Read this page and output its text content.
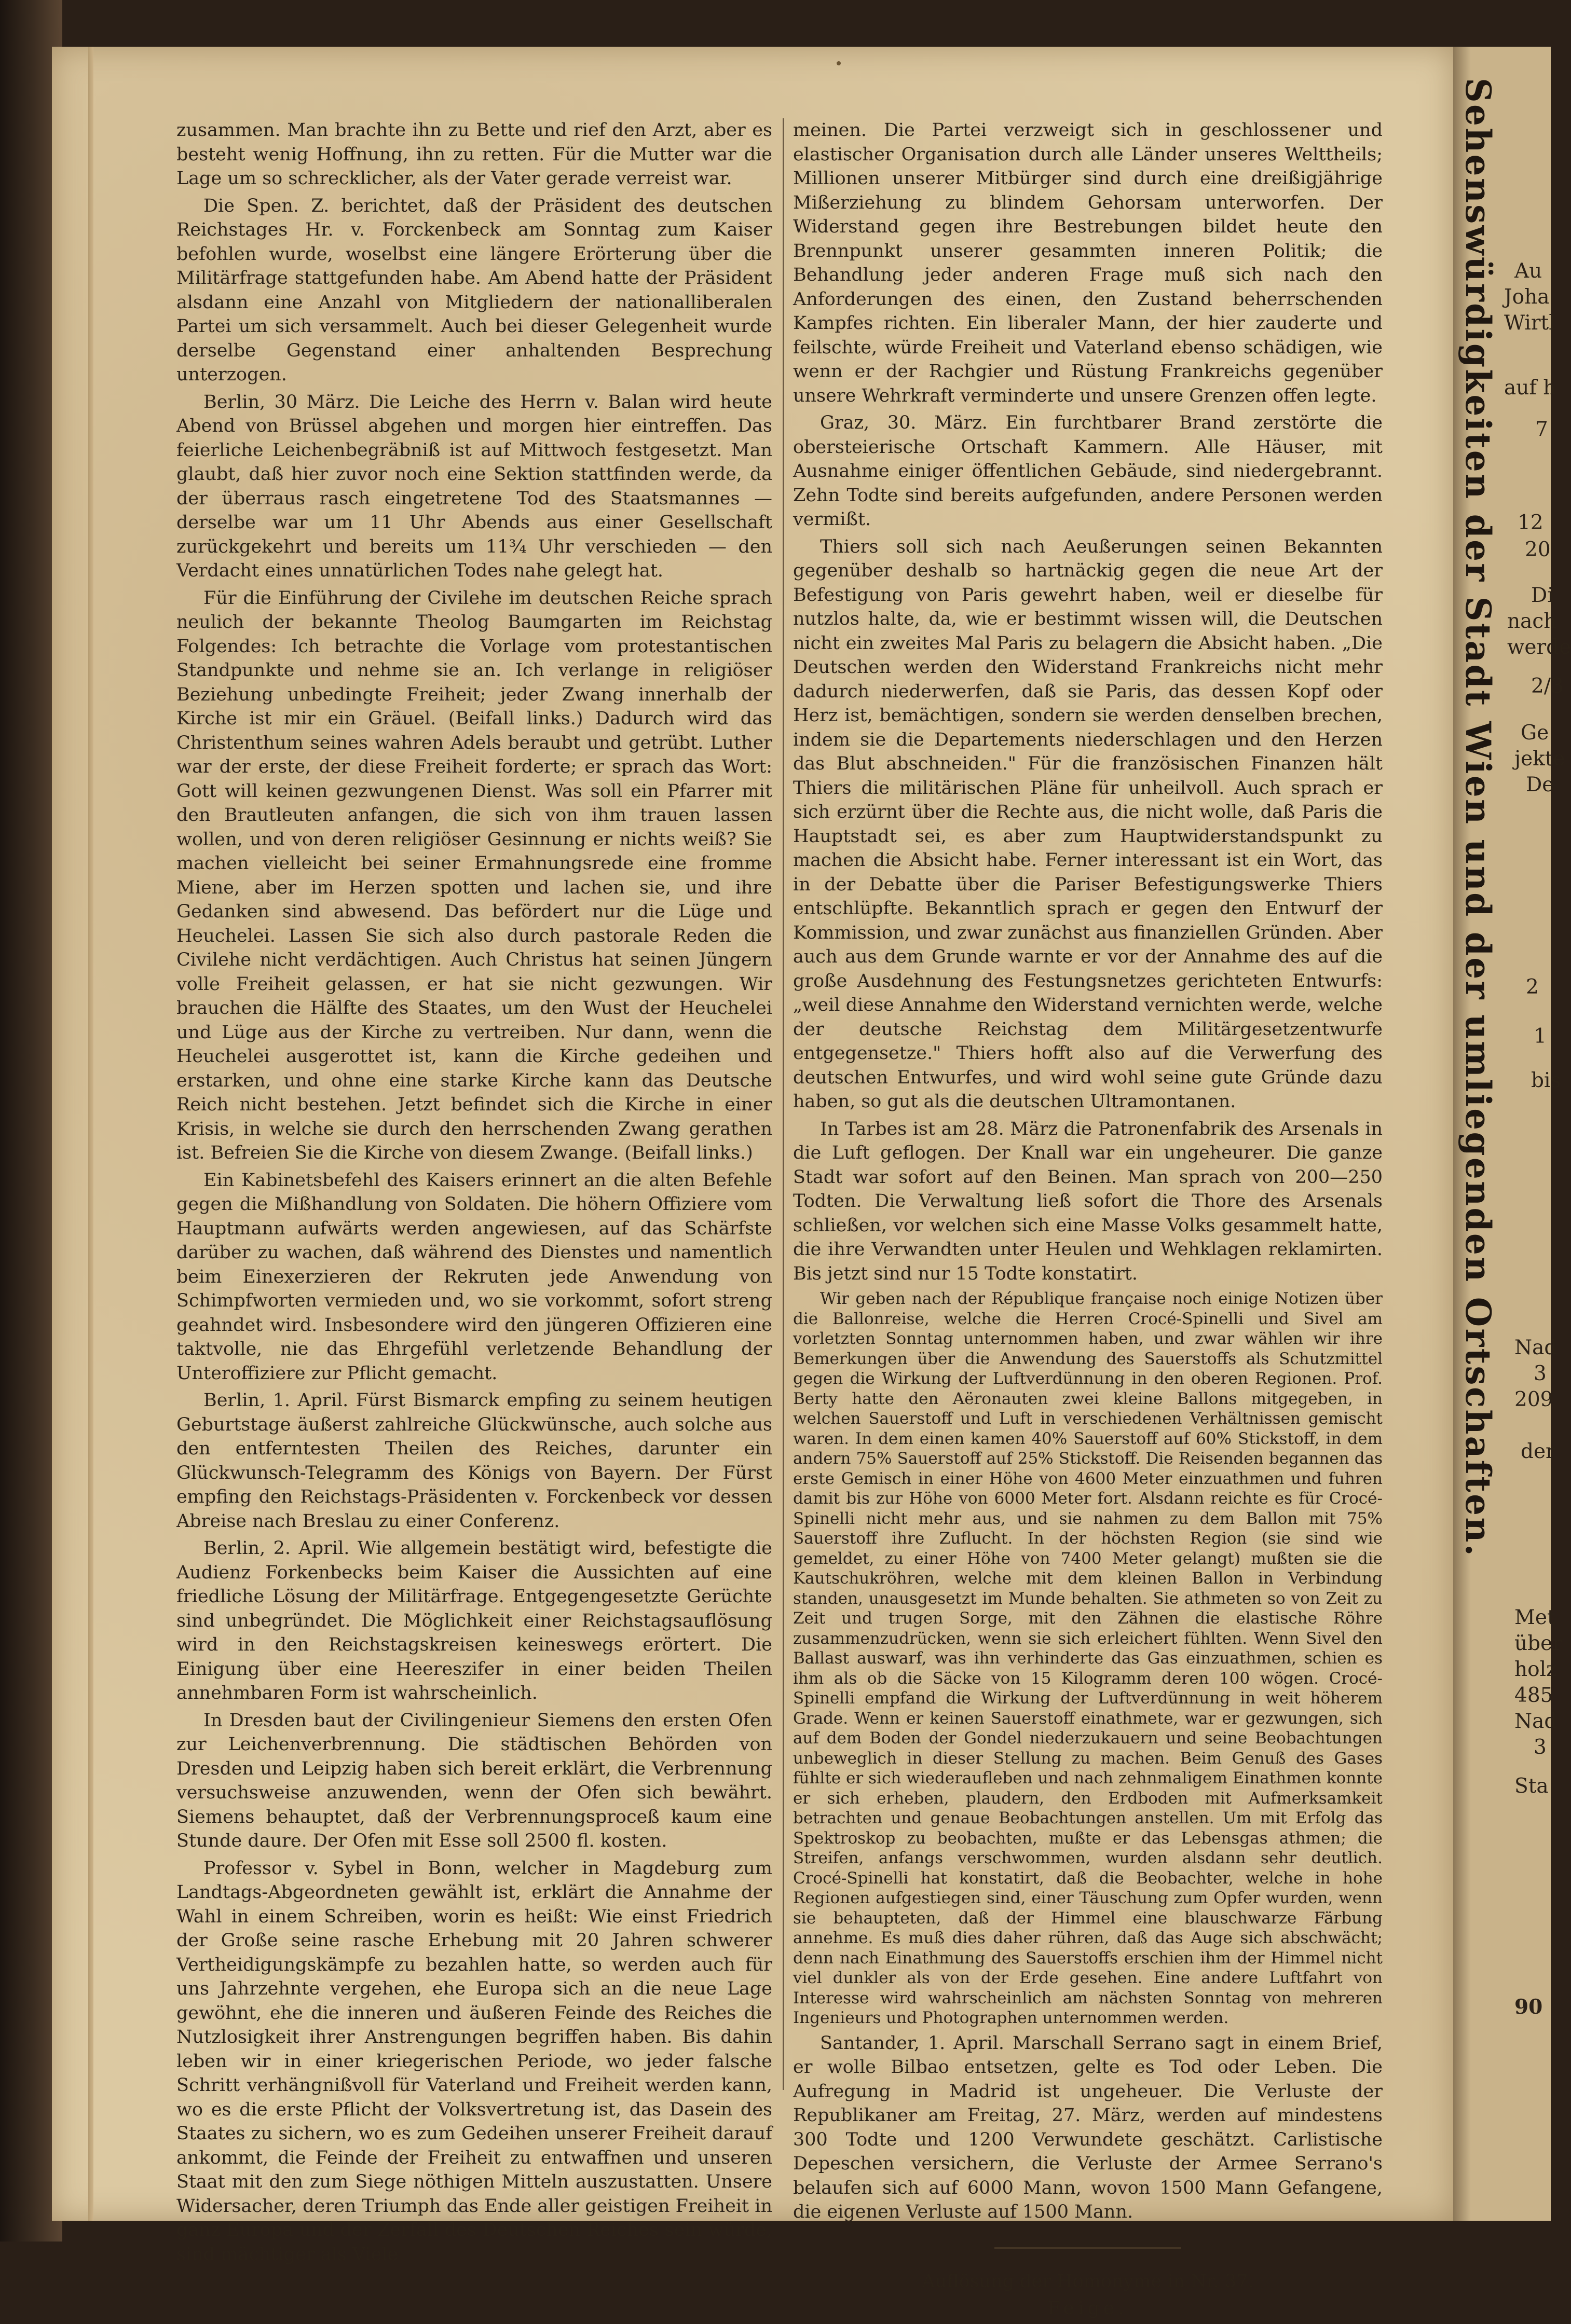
zusammen. Man brachte ihn zu Bette und rief den Arzt, aber es besteht wenig Hoffnung, ihn zu retten. Für die Mutter war die Lage um so schrecklicher, als der Vater gerade verreist war.

Die Spen. Z. berichtet, daß der Präsident des deutschen Reichstages Hr. v. Forckenbeck am Sonntag zum Kaiser befohlen wurde, woselbst eine längere Erörterung über die Militärfrage stattgefunden habe. Am Abend hatte der Präsident alsdann eine Anzahl von Mitgliedern der nationalliberalen Partei um sich versammelt. Auch bei dieser Gelegenheit wurde derselbe Gegenstand einer anhaltenden Besprechung unterzogen.

Berlin, 30 März. Die Leiche des Herrn v. Balan wird heute Abend von Brüssel abgehen und morgen hier eintreffen. Das feierliche Leichenbegräbniß ist auf Mittwoch festgesetzt. Man glaubt, daß hier zuvor noch eine Sektion stattfinden werde, da der überraus rasch eingetretene Tod des Staatsmannes — derselbe war um 11 Uhr Abends aus einer Gesellschaft zurückgekehrt und bereits um 11¾ Uhr verschieden — den Verdacht eines unnatürlichen Todes nahe gelegt hat.

Für die Einführung der Civilehe im deutschen Reiche sprach neulich der bekannte Theolog Baumgarten im Reichstag Folgendes: Ich betrachte die Vorlage vom protestantischen Standpunkte und nehme sie an. Ich verlange in religiöser Beziehung unbedingte Freiheit; jeder Zwang innerhalb der Kirche ist mir ein Gräuel. (Beifall links.) Dadurch wird das Christenthum seines wahren Adels beraubt und getrübt. Luther war der erste, der diese Freiheit forderte; er sprach das Wort: Gott will keinen gezwungenen Dienst. Was soll ein Pfarrer mit den Brautleuten anfangen, die sich von ihm trauen lassen wollen, und von deren religiöser Gesinnung er nichts weiß? Sie machen vielleicht bei seiner Ermahnungsrede eine fromme Miene, aber im Herzen spotten und lachen sie, und ihre Gedanken sind abwesend. Das befördert nur die Lüge und Heuchelei. Lassen Sie sich also durch pastorale Reden die Civilehe nicht verdächtigen. Auch Christus hat seinen Jüngern volle Freiheit gelassen, er hat sie nicht gezwungen. Wir brauchen die Hälfte des Staates, um den Wust der Heuchelei und Lüge aus der Kirche zu vertreiben. Nur dann, wenn die Heuchelei ausgerottet ist, kann die Kirche gedeihen und erstarken, und ohne eine starke Kirche kann das Deutsche Reich nicht bestehen. Jetzt befindet sich die Kirche in einer Krisis, in welche sie durch den herrschenden Zwang gerathen ist. Befreien Sie die Kirche von diesem Zwange. (Beifall links.)

Ein Kabinetsbefehl des Kaisers erinnert an die alten Befehle gegen die Mißhandlung von Soldaten. Die höhern Offiziere vom Hauptmann aufwärts werden angewiesen, auf das Schärfste darüber zu wachen, daß während des Dienstes und namentlich beim Einexerzieren der Rekruten jede Anwendung von Schimpfworten vermieden und, wo sie vorkommt, sofort streng geahndet wird. Insbesondere wird den jüngeren Offizieren eine taktvolle, nie das Ehrgefühl verletzende Behandlung der Unteroffiziere zur Pflicht gemacht.

Berlin, 1. April. Fürst Bismarck empfing zu seinem heutigen Geburtstage äußerst zahlreiche Glückwünsche, auch solche aus den entferntesten Theilen des Reiches, darunter ein Glückwunsch-Telegramm des Königs von Bayern. Der Fürst empfing den Reichstags-Präsidenten v. Forckenbeck vor dessen Abreise nach Breslau zu einer Conferenz.

Berlin, 2. April. Wie allgemein bestätigt wird, befestigte die Audienz Forkenbecks beim Kaiser die Aussichten auf eine friedliche Lösung der Militärfrage. Entgegengesetzte Gerüchte sind unbegründet. Die Möglichkeit einer Reichstagsauflösung wird in den Reichstagskreisen keineswegs erörtert. Die Einigung über eine Heereszifer in einer beiden Theilen annehmbaren Form ist wahrscheinlich.

In Dresden baut der Civilingenieur Siemens den ersten Ofen zur Leichenverbrennung. Die städtischen Behörden von Dresden und Leipzig haben sich bereit erklärt, die Verbrennung versuchsweise anzuwenden, wenn der Ofen sich bewährt. Siemens behauptet, daß der Verbrennungsproceß kaum eine Stunde daure. Der Ofen mit Esse soll 2500 fl. kosten.

Professor v. Sybel in Bonn, welcher in Magdeburg zum Landtags-Abgeordneten gewählt ist, erklärt die Annahme der Wahl in einem Schreiben, worin es heißt: Wie einst Friedrich der Große seine rasche Erhebung mit 20 Jahren schwerer Vertheidigungskämpfe zu bezahlen hatte, so werden auch für uns Jahrzehnte vergehen, ehe Europa sich an die neue Lage gewöhnt, ehe die inneren und äußeren Feinde des Reiches die Nutzlosigkeit ihrer Anstrengungen begriffen haben. Bis dahin leben wir in einer kriegerischen Periode, wo jeder falsche Schritt verhängnißvoll für Vaterland und Freiheit werden kann, wo es die erste Pflicht der Volksvertretung ist, das Dasein des Staates zu sichern, wo es zum Gedeihen unserer Freiheit darauf ankommt, die Feinde der Freiheit zu entwaffnen und unseren Staat mit den zum Siege nöthigen Mitteln auszustatten. Unsere Widersacher, deren Triumph das Ende aller geistigen Freiheit in ganz Europa und der Zerfall des Deutschen Reiches sein würde, sind mächtiger als Viele

meinen. Die Partei verzweigt sich in geschlossener und elastischer Organisation durch alle Länder unseres Welttheils; Millionen unserer Mitbürger sind durch eine dreißigjährige Mißerziehung zu blindem Gehorsam unterworfen. Der Widerstand gegen ihre Bestrebungen bildet heute den Brennpunkt unserer gesammten inneren Politik; die Behandlung jeder anderen Frage muß sich nach den Anforderungen des einen, den Zustand beherrschenden Kampfes richten. Ein liberaler Mann, der hier zauderte und feilschte, würde Freiheit und Vaterland ebenso schädigen, wie wenn er der Rachgier und Rüstung Frankreichs gegenüber unsere Wehrkraft verminderte und unsere Grenzen offen legte.

Graz, 30. März. Ein furchtbarer Brand zerstörte die obersteierische Ortschaft Kammern. Alle Häuser, mit Ausnahme einiger öffentlichen Gebäude, sind niedergebrannt. Zehn Todte sind bereits aufgefunden, andere Personen werden vermißt.

Thiers soll sich nach Aeußerungen seinen Bekannten gegenüber deshalb so hartnäckig gegen die neue Art der Befestigung von Paris gewehrt haben, weil er dieselbe für nutzlos halte, da, wie er bestimmt wissen will, die Deutschen nicht ein zweites Mal Paris zu belagern die Absicht haben. „Die Deutschen werden den Widerstand Frankreichs nicht mehr dadurch niederwerfen, daß sie Paris, das dessen Kopf oder Herz ist, bemächtigen, sondern sie werden denselben brechen, indem sie die Departements niederschlagen und den Herzen das Blut abschneiden." Für die französischen Finanzen hält Thiers die militärischen Pläne für unheilvoll. Auch sprach er sich erzürnt über die Rechte aus, die nicht wolle, daß Paris die Hauptstadt sei, es aber zum Hauptwiderstandspunkt zu machen die Absicht habe. Ferner interessant ist ein Wort, das in der Debatte über die Pariser Befestigungswerke Thiers entschlüpfte. Bekanntlich sprach er gegen den Entwurf der Kommission, und zwar zunächst aus finanziellen Gründen. Aber auch aus dem Grunde warnte er vor der Annahme des auf die große Ausdehnung des Festungsnetzes gerichteten Entwurfs: „weil diese Annahme den Widerstand vernichten werde, welche der deutsche Reichstag dem Militärgesetzentwurfe entgegensetze." Thiers hofft also auf die Verwerfung des deutschen Entwurfes, und wird wohl seine gute Gründe dazu haben, so gut als die deutschen Ultramontanen.

In Tarbes ist am 28. März die Patronenfabrik des Arsenals in die Luft geflogen. Der Knall war ein ungeheurer. Die ganze Stadt war sofort auf den Beinen. Man sprach von 200—250 Todten. Die Verwaltung ließ sofort die Thore des Arsenals schließen, vor welchen sich eine Masse Volks gesammelt hatte, die ihre Verwandten unter Heulen und Wehklagen reklamirten. Bis jetzt sind nur 15 Todte konstatirt.

Wir geben nach der République française noch einige Notizen über die Ballonreise, welche die Herren Crocé-Spinelli und Sivel am vorletzten Sonntag unternommen haben, und zwar wählen wir ihre Bemerkungen über die Anwendung des Sauerstoffs als Schutzmittel gegen die Wirkung der Luftverdünnung in den oberen Regionen. Prof. Berty hatte den Aëronauten zwei kleine Ballons mitgegeben, in welchen Sauerstoff und Luft in verschiedenen Verhältnissen gemischt waren. In dem einen kamen 40% Sauerstoff auf 60% Stickstoff, in dem andern 75% Sauerstoff auf 25% Stickstoff. Die Reisenden begannen das erste Gemisch in einer Höhe von 4600 Meter einzuathmen und fuhren damit bis zur Höhe von 6000 Meter fort. Alsdann reichte es für Crocé-Spinelli nicht mehr aus, und sie nahmen zu dem Ballon mit 75% Sauerstoff ihre Zuflucht. In der höchsten Region (sie sind wie gemeldet, zu einer Höhe von 7400 Meter gelangt) mußten sie die Kautschukröhren, welche mit dem kleinen Ballon in Verbindung standen, unausgesetzt im Munde behalten. Sie athmeten so von Zeit zu Zeit und trugen Sorge, mit den Zähnen die elastische Röhre zusammenzudrücken, wenn sie sich erleichert fühlten. Wenn Sivel den Ballast auswarf, was ihn verhinderte das Gas einzuathmen, schien es ihm als ob die Säcke von 15 Kilogramm deren 100 wögen. Crocé-Spinelli empfand die Wirkung der Luftverdünnung in weit höherem Grade. Wenn er keinen Sauerstoff einathmete, war er gezwungen, sich auf dem Boden der Gondel niederzukauern und seine Beobachtungen unbeweglich in dieser Stellung zu machen. Beim Genuß des Gases fühlte er sich wiederaufleben und nach zehnmaligem Einathmen konnte er sich erheben, plaudern, den Erdboden mit Aufmerksamkeit betrachten und genaue Beobachtungen anstellen. Um mit Erfolg das Spektroskop zu beobachten, mußte er das Lebensgas athmen; die Streifen, anfangs verschwommen, wurden alsdann sehr deutlich. Crocé-Spinelli hat konstatirt, daß die Beobachter, welche in hohe Regionen aufgestiegen sind, einer Täuschung zum Opfer wurden, wenn sie behaupteten, daß der Himmel eine blauschwarze Färbung annehme. Es muß dies daher rühren, daß das Auge sich abschwächt; denn nach Einathmung des Sauerstoffs erschien ihm der Himmel nicht viel dunkler als von der Erde gesehen. Eine andere Luftfahrt von Interesse wird wahrscheinlich am nächsten Sonntag von mehreren Ingenieurs und Photographen unternommen werden.

Santander, 1. April. Marschall Serrano sagt in einem Brief, er wolle Bilbao entsetzen, gelte es Tod oder Leben. Die Aufregung in Madrid ist ungeheuer. Die Verluste der Republikaner am Freitag, 27. März, werden auf mindestens 300 Todte und 1200 Verwundete geschätzt. Carlistische Depeschen versichern, die Verluste der Armee Serrano's belaufen sich auf 6000 Mann, wovon 1500 Mann Gefangene, die eigenen Verluste auf 1500 Mann.

Auflösung der Homonyme in Nr. 37.

Feige.

Sehenswürdigkeiten der Stadt Wien und der umliegenden Ortschaften. Au
Joha
Wirtl
auf h
7
12
20
Di
nach
werde
2/3
Ge
jekte
De
2
1
bis
Nad
3
209
der
Met
über
holz
485
Nad
3
Sta
90
